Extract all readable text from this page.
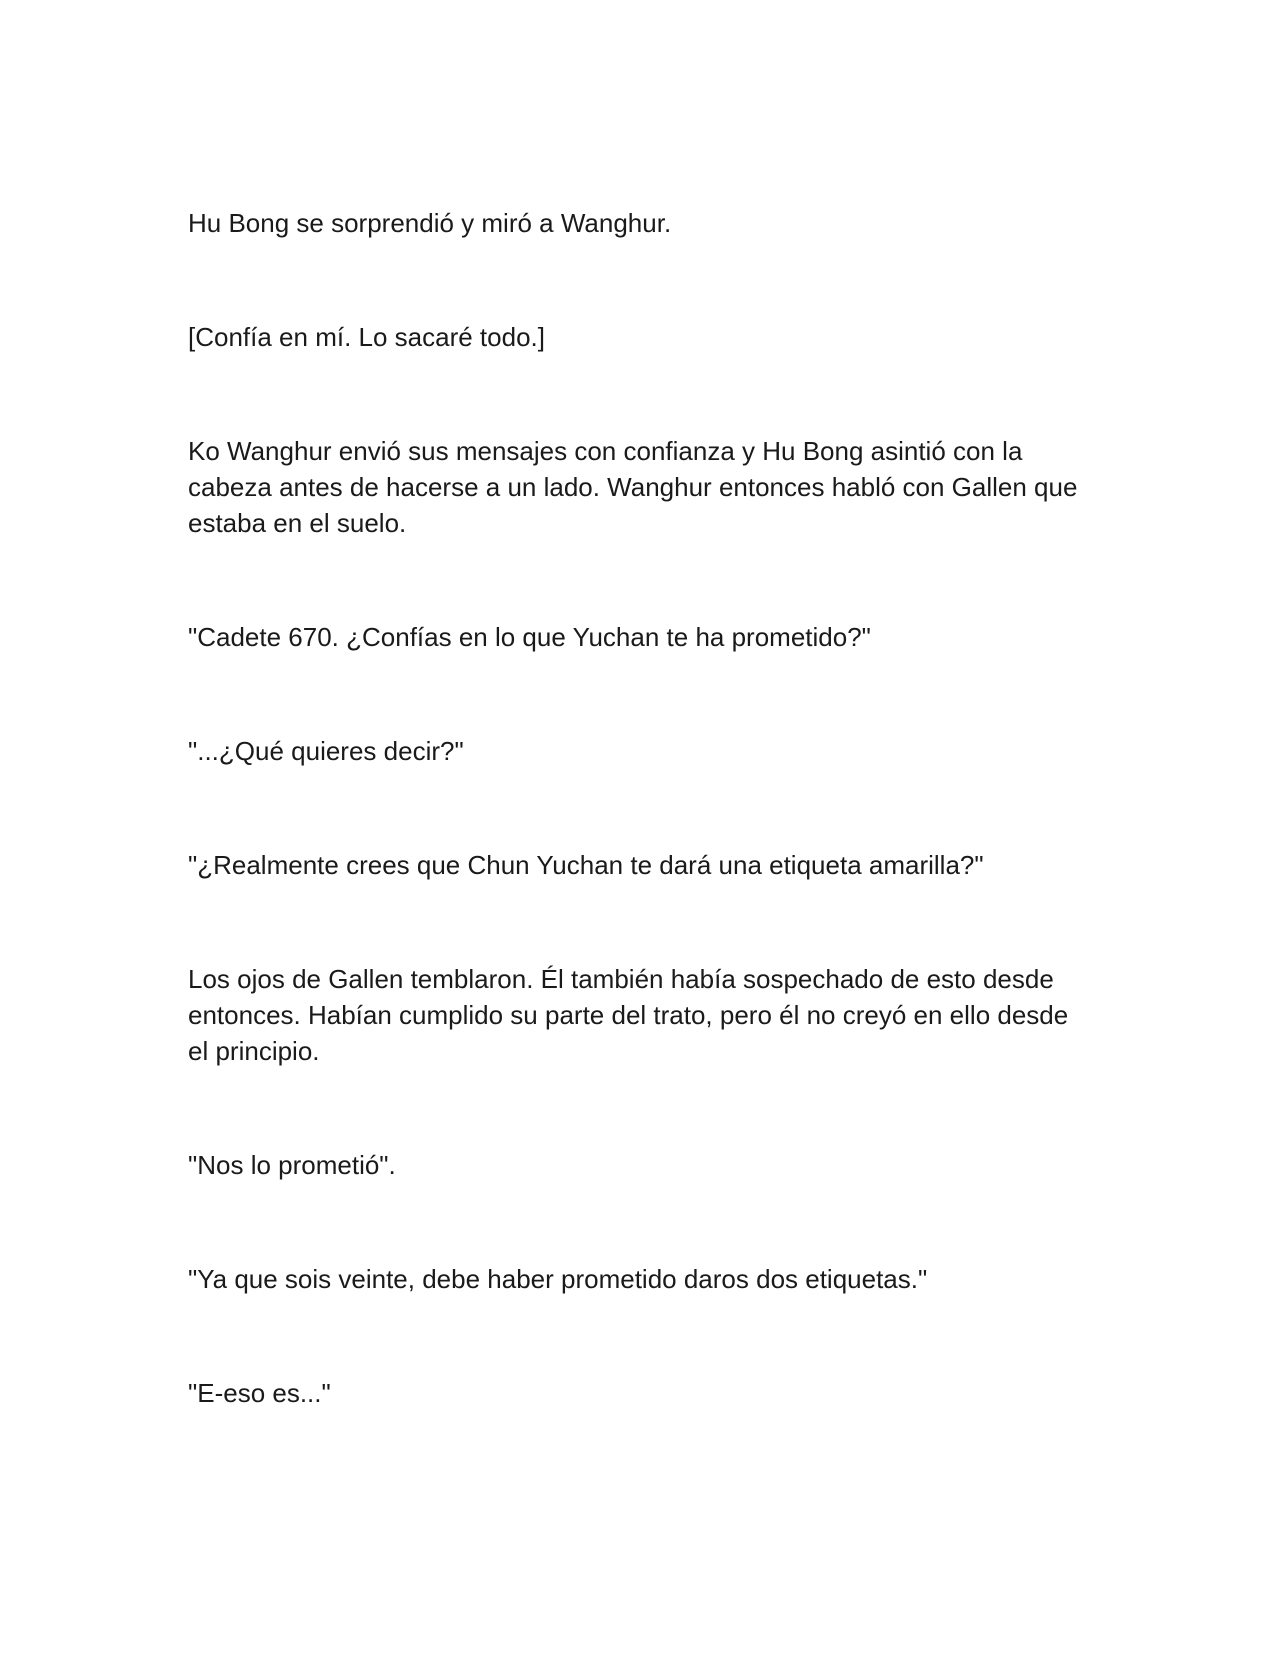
Hu Bong se sorprendió y miró a Wanghur.

[Confía en mí. Lo sacaré todo.]

Ko Wanghur envió sus mensajes con confianza y Hu Bong asintió con la cabeza antes de hacerse a un lado. Wanghur entonces habló con Gallen que estaba en el suelo.

"Cadete 670. ¿Confías en lo que Yuchan te ha prometido?"

"...¿Qué quieres decir?"

"¿Realmente crees que Chun Yuchan te dará una etiqueta amarilla?"

Los ojos de Gallen temblaron. Él también había sospechado de esto desde entonces. Habían cumplido su parte del trato, pero él no creyó en ello desde el principio.

"Nos lo prometió".

"Ya que sois veinte, debe haber prometido daros dos etiquetas."

"E-eso es..."
